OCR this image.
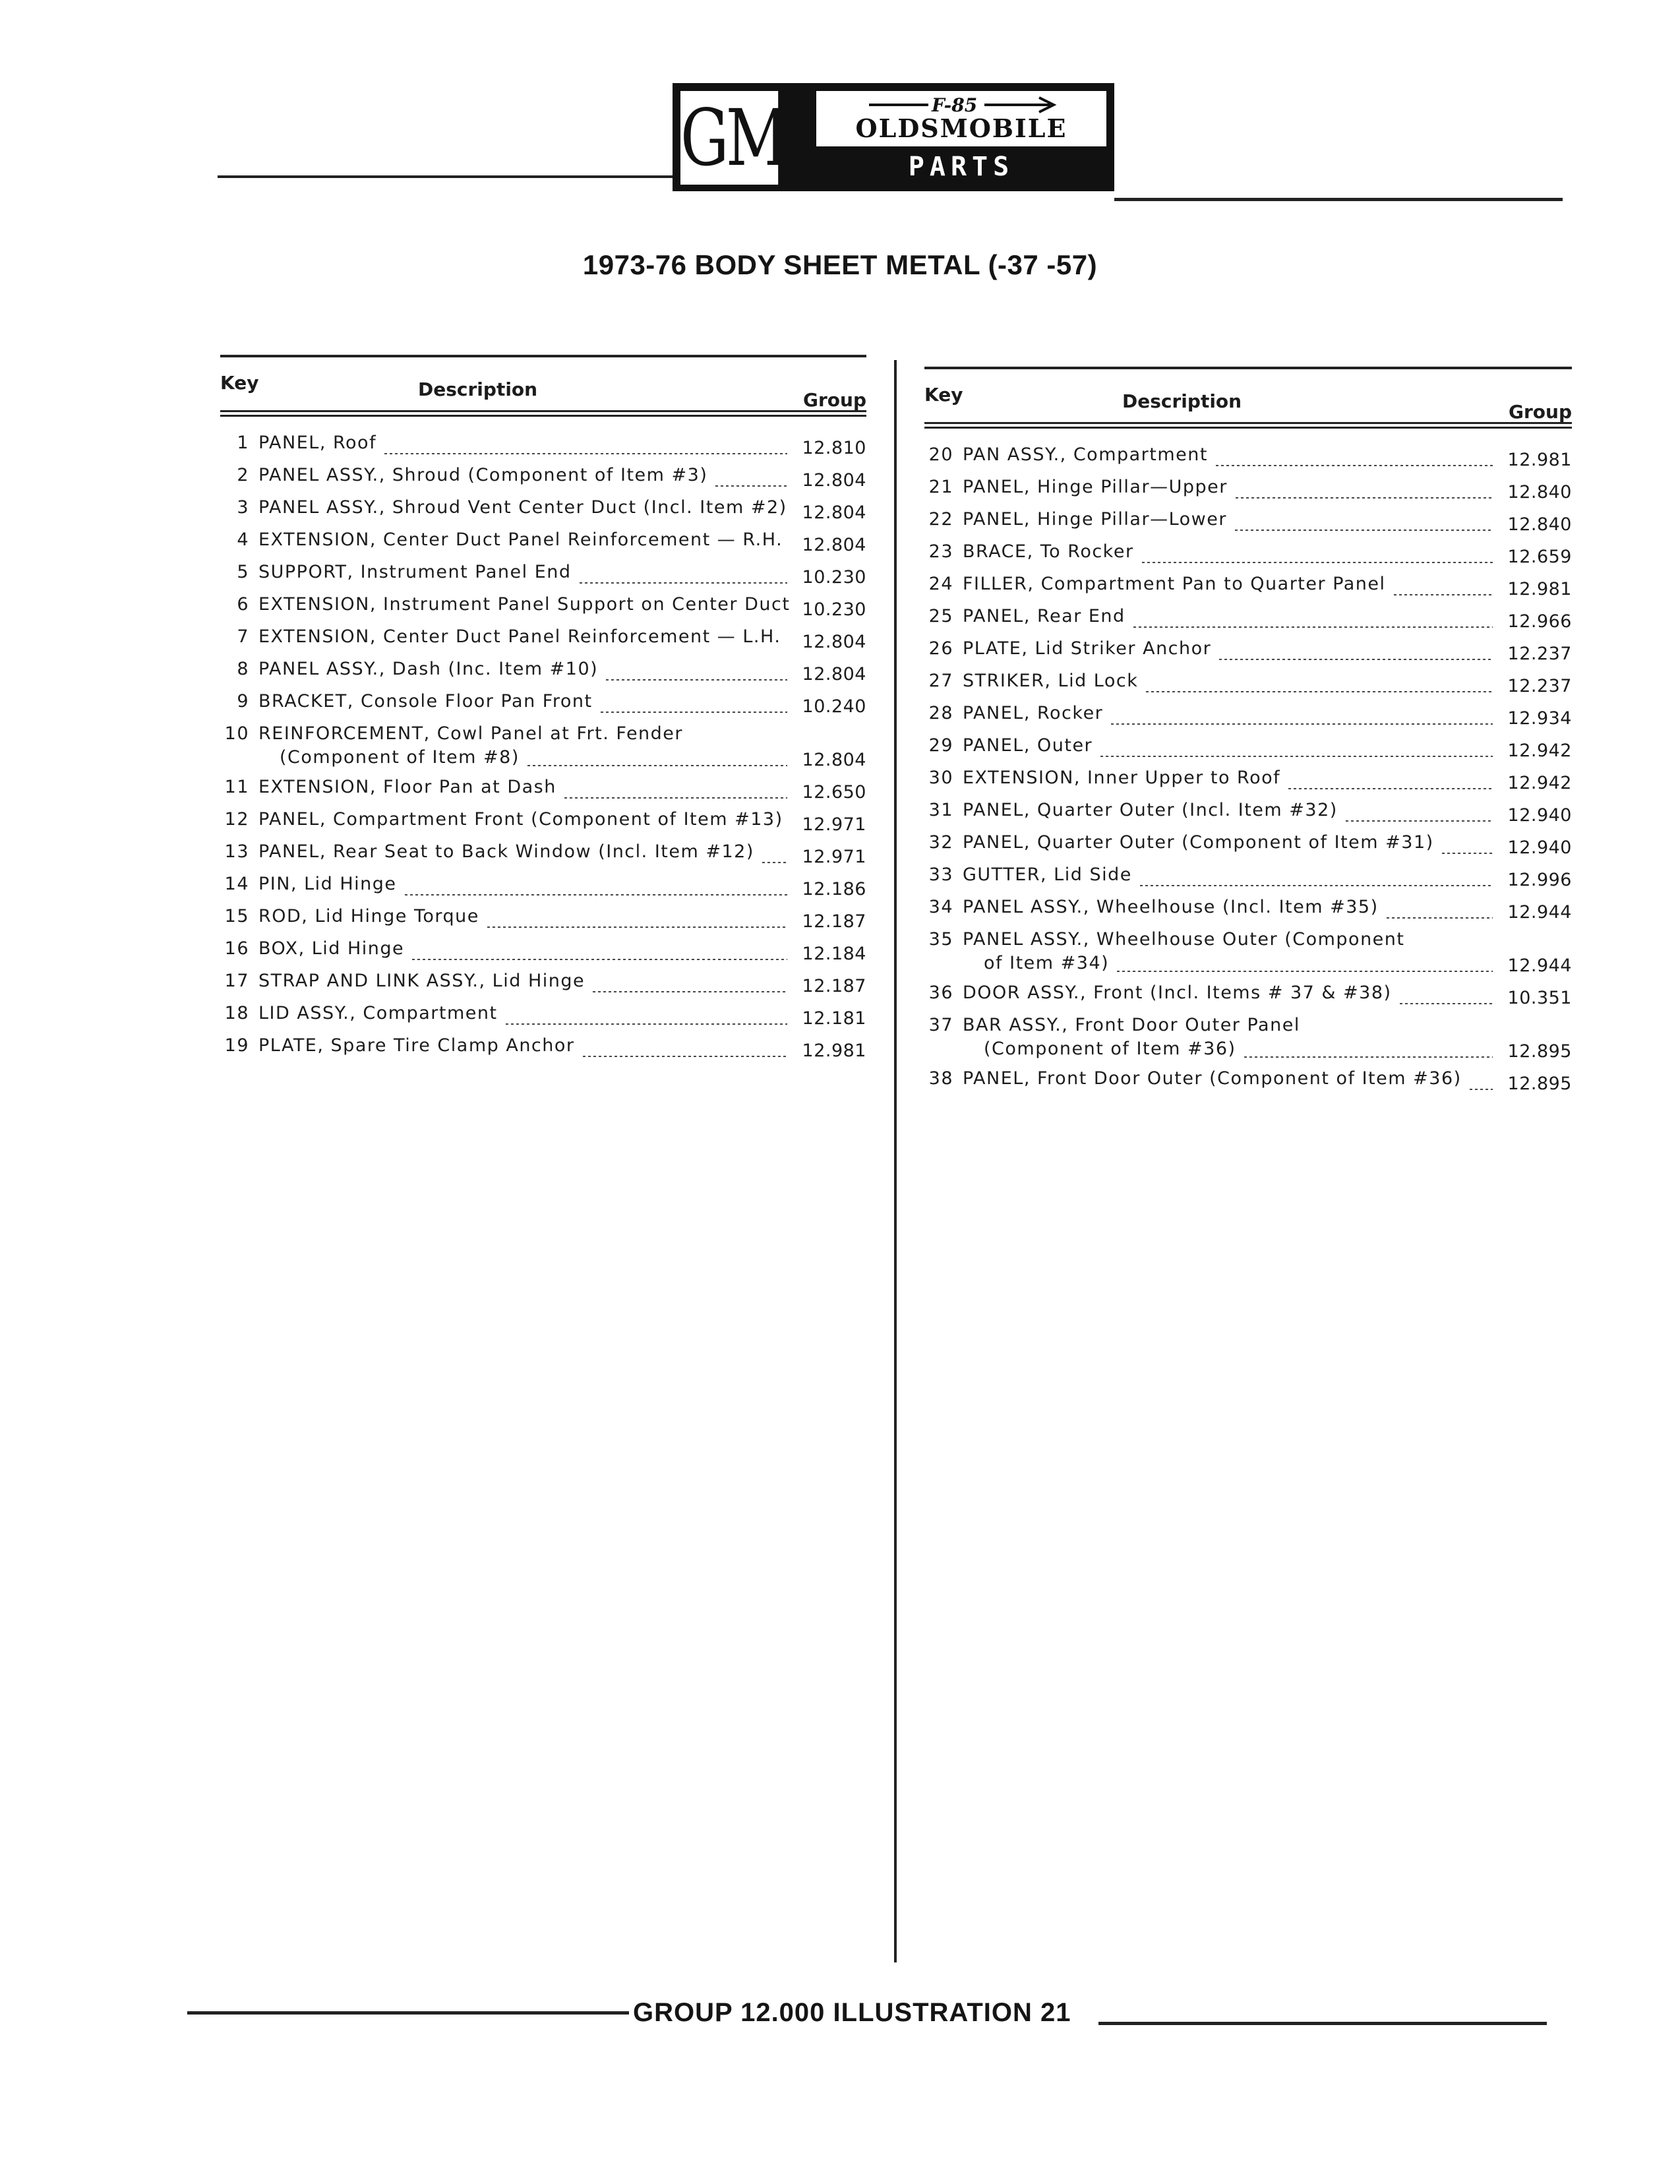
GM	F-85
OLDSMOBILE
PARTS CATALOGUE
1973-76 BODY SHEET METAL (-37 -57)
Key	Description	Group
1 PANEL, Roof	12.810
2 PANEL ASSY., Shroud (Component of Item #3)	12.804
3 PANEL ASSY., Shroud Vent Center Duct (Incl. Item #2) 12.804
4 EXTENSION, Center Duct Panel Reinforcement — R.H.	12.804
5 SUPPORT, Instrument Panel End	10.230
6 EXTENSION, Instrument Panel Support on Center Duct 10.230
7 EXTENSION, Center Duct Panel Reinforcement — L.H.	12.804
8 PANEL ASSY., Dash (Inc. Item #10)	12.804
9 BRACKET, Console Floor Pan Front	10.240
10 REINFORCEMENT, Cowl Panel at Frt. Fender
(Component of Item #8)	12.804
11 EXTENSION, Floor Pan at Dash	12.650
12 PANEL, Compartment Front (Component of Item #13)	12.971
13 PANEL, Rear Seat to Back Window (Incl. Item #12)	12.971
14 PIN, Lid Hinge	12.186
15 ROD, Lid Hinge Torque	12.187
16 BOX, Lid Hinge	12.184
17 STRAP AND LINK ASSY., Lid Hinge	12.187
18 LID ASSY., Compartment	12.181
19 PLATE, Spare Tire Clamp Anchor	12.981
Key	Description	Group
20 PAN ASSY., Compartment	12.981
21 PANEL, Hinge Pillar—Upper	12.840
22 PANEL, Hinge Pillar—Lower	12.840
23 BRACE, To Rocker	12.659
24 FILLER, Compartment Pan to Quarter Panel	12.981
25 PANEL, Rear End	12.966
26 PLATE, Lid Striker Anchor	12.237
27 STRIKER, Lid Lock	12.237
28 PANEL, Rocker	12.934
29 PANEL, Outer	12.942
30 EXTENSION, Inner Upper to Roof	12.942
31 PANEL, Quarter Outer (Incl. Item #32)	12.940
32 PANEL, Quarter Outer (Component of Item #31)	12.940
33 GUTTER, Lid Side	12.996
34 PANEL ASSY., Wheelhouse (Incl. Item #35)	12.944
35 PANEL ASSY., Wheelhouse Outer (Component
of Item #34)	12.944
36 DOOR ASSY., Front (Incl. Items # 37 & #38)	10.351
37 BAR ASSY., Front Door Outer Panel
(Component of Item #36)	12.895
38 PANEL, Front Door Outer (Component of Item #36)	12.895
GROUP 12.000 ILLUSTRATION 21
